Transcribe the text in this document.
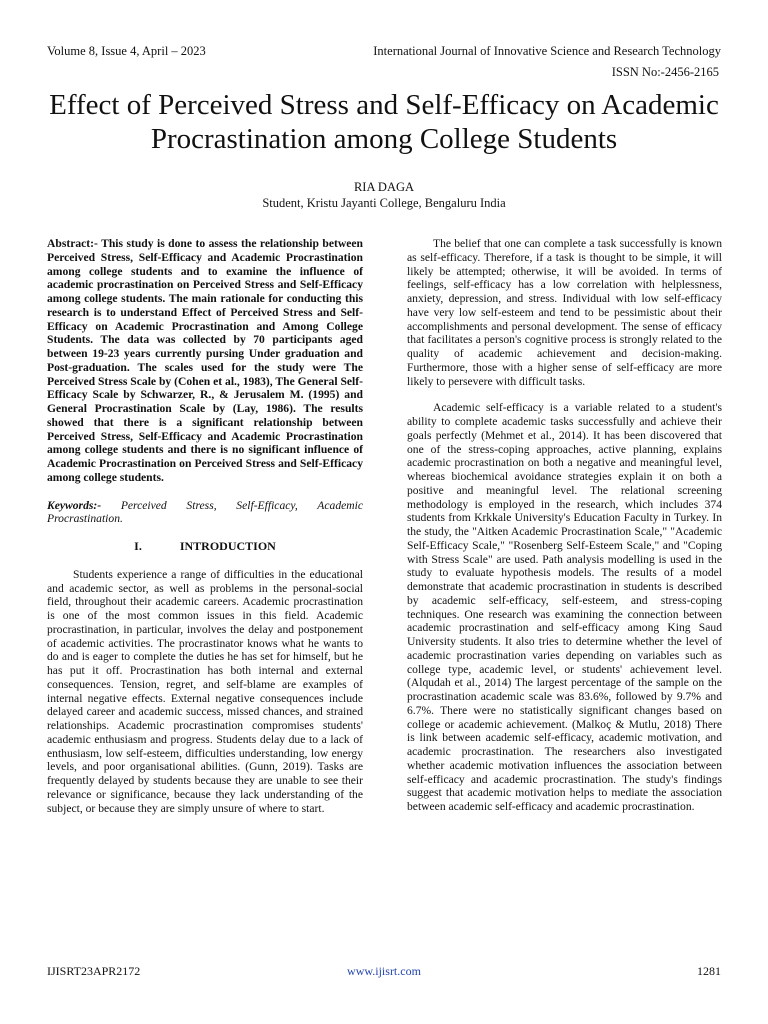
Volume 8, Issue 4, April – 2023	International Journal of Innovative Science and Research Technology
ISSN No:-2456-2165
Effect of Perceived Stress and Self-Efficacy on Academic Procrastination among College Students
RIA DAGA
Student, Kristu Jayanti College, Bengaluru India

Abstract:- This study is done to assess the relationship between Perceived Stress, Self-Efficacy and Academic Procrastination among college students and to examine the influence of academic procrastination on Perceived Stress and Self-Efficacy among college students. The main rationale for conducting this research is to understand Effect of Perceived Stress and Self-Efficacy on Academic Procrastination and Among College Students. The data was collected by 70 participants aged between 19-23 years currently pursing Under graduation and Post-graduation. The scales used for the study were The Perceived Stress Scale by (Cohen et al., 1983), The General Self-Efficacy Scale by Schwarzer, R., & Jerusalem M. (1995) and General Procrastination Scale by (Lay, 1986). The results showed that there is a significant relationship between Perceived Stress, Self-Efficacy and Academic Procrastination among college students and there is no significant influence of Academic Procrastination on Perceived Stress and Self-Efficacy among college students.

Keywords:- Perceived Stress, Self-Efficacy, Academic Procrastination.

I.	INTRODUCTION

Students experience a range of difficulties in the educational and academic sector, as well as problems in the personal-social field, throughout their academic careers. Academic procrastination is one of the most common issues in this field. Academic procrastination, in particular, involves the delay and postponement of academic activities. The procrastinator knows what he wants to do and is eager to complete the duties he has set for himself, but he has put it off. Procrastination has both internal and external consequences. Tension, regret, and self-blame are examples of internal negative effects. External negative consequences include delayed career and academic success, missed chances, and strained relationships. Academic procrastination compromises students' academic enthusiasm and progress. Students delay due to a lack of enthusiasm, low self-esteem, difficulties understanding, low energy levels, and poor organisational abilities. (Gunn, 2019). Tasks are frequently delayed by students because they are unable to see their relevance or significance, because they lack understanding of the subject, or because they are simply unsure of where to start.

The belief that one can complete a task successfully is known as self-efficacy. Therefore, if a task is thought to be simple, it will likely be attempted; otherwise, it will be avoided. In terms of feelings, self-efficacy has a low correlation with helplessness, anxiety, depression, and stress. Individual with low self-efficacy have very low self-esteem and tend to be pessimistic about their accomplishments and personal development. The sense of efficacy that facilitates a person's cognitive process is strongly related to the quality of academic achievement and decision-making. Furthermore, those with a higher sense of self-efficacy are more likely to persevere with difficult tasks.

Academic self-efficacy is a variable related to a student's ability to complete academic tasks successfully and achieve their goals perfectly (Mehmet et al., 2014). It has been discovered that one of the stress-coping approaches, active planning, explains academic procrastination on both a negative and meaningful level, whereas biochemical avoidance strategies explain it on both a positive and meaningful level. The relational screening methodology is employed in the research, which includes 374 students from Krkkale University's Education Faculty in Turkey. In the study, the "Aitken Academic Procrastination Scale," "Academic Self-Efficacy Scale," "Rosenberg Self-Esteem Scale," and "Coping with Stress Scale" are used. Path analysis modelling is used in the study to evaluate hypothesis models. The results of a model demonstrate that academic procrastination in students is described by academic self-efficacy, self-esteem, and stress-coping techniques. One research was examining the connection between academic procrastination and self-efficacy among King Saud University students. It also tries to determine whether the level of academic procrastination varies depending on variables such as college type, academic level, or students' achievement level. (Alqudah et al., 2014) The largest percentage of the sample on the procrastination academic scale was 83.6%, followed by 9.7% and 6.7%. There were no statistically significant changes based on college or academic achievement. (Malkoç & Mutlu, 2018) There is link between academic self-efficacy, academic motivation, and academic procrastination. The researchers also investigated whether academic motivation influences the association between self-efficacy and academic procrastination. The study's findings suggest that academic motivation helps to mediate the association between academic self-efficacy and academic procrastination.

IJISRT23APR2172	www.ijisrt.com	1281
